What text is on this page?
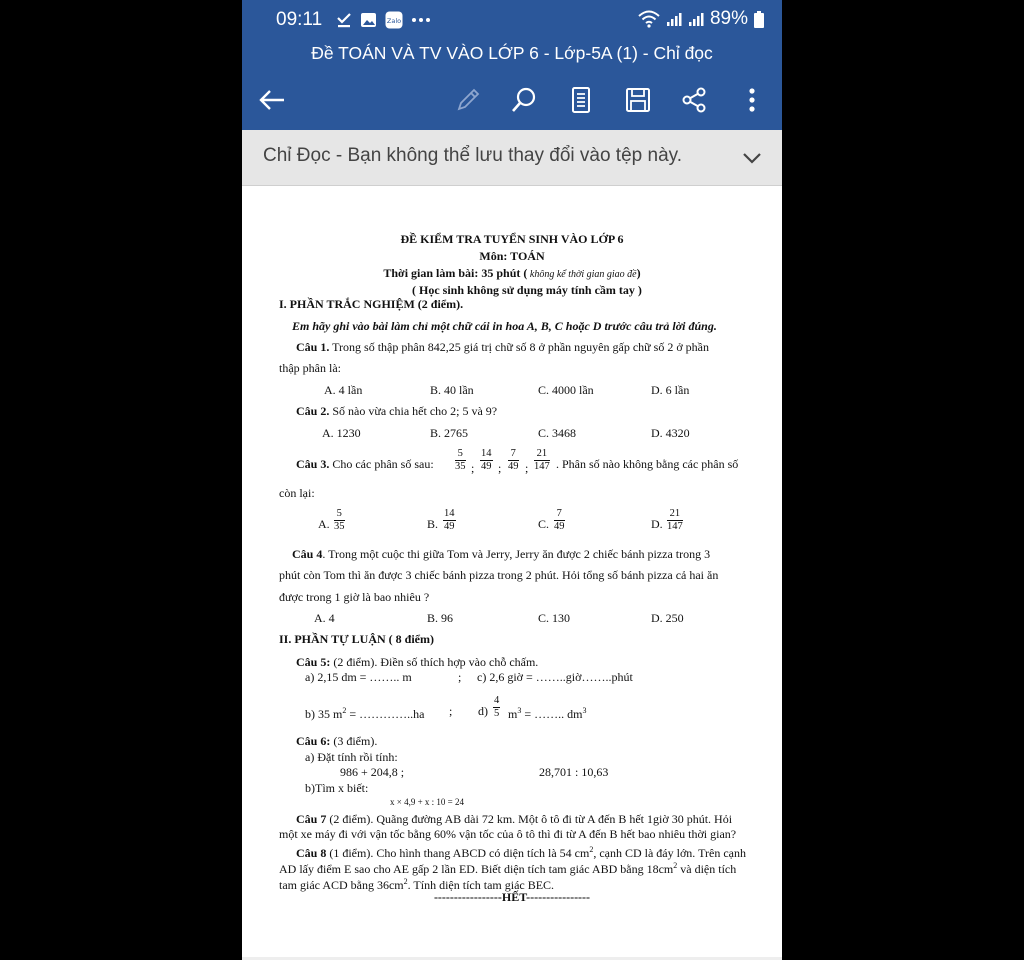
09:11	Zalo	89%
Đề TOÁN VÀ TV VÀO LỚP 6 - Lớp-5A (1) - Chỉ đọc
Chỉ Đọc - Bạn không thể lưu thay đổi vào tệp này.
ĐỀ KIỂM TRA TUYỂN SINH VÀO LỚP 6
Môn: TOÁN
Thời gian làm bài: 35 phút ( không kể thời gian giao đề)
( Học sinh không sử dụng máy tính cầm tay )
I. PHẦN TRẮC NGHIỆM (2 điểm).
Em hãy ghi vào bài làm chỉ một chữ cái in hoa A, B, C hoặc D trước câu trả lời đúng.
Câu 1. Trong số thập phân 842,25 giá trị chữ số 8 ở phần nguyên gấp chữ số 2 ở phần
thập phân là:
A. 4 lần	B. 40 lần	C. 4000 lần	D. 6 lần
Câu 2. Số nào vừa chia hết cho 2; 5 và 9?
A. 1230	B. 2765	C. 3468	D. 4320
Câu 3. Cho các phân số sau: $\frac{5}{35}$ ; $\frac{14}{49}$ ; $\frac{7}{49}$ ; $\frac{21}{147}$ . Phân số nào không bằng các phân số
còn lại:
A. $\frac{5}{35}$	B. $\frac{14}{49}$	C. $\frac{7}{49}$	D. $\frac{21}{147}$
Câu 4. Trong một cuộc thi giữa Tom và Jerry, Jerry ăn được 2 chiếc bánh pizza trong 3
phút còn Tom thì ăn được 3 chiếc bánh pizza trong 2 phút. Hỏi tổng số bánh pizza cả hai ăn
được trong 1 giờ là bao nhiêu ?
A. 4	B. 96	C. 130	D. 250
II. PHẦN TỰ LUẬN ( 8 điểm)
Câu 5: (2 điểm). Điền số thích hợp vào chỗ chấm.
a) 2,15 dm = …….. m	; c) 2,6 giờ = ……..giờ……..phút
b) 35 $m^2$ = …………..ha ; $d) \frac{4}{5} m^3$ = …….. $dm^3$
Câu 6: (3 điểm).
a) Đặt tính rồi tính:
986 + 204,8 ;	28,701 : 10,63
b)Tìm x biết:
x × 4,9 + x : 10 = 24
Câu 7 (2 điểm). Quãng đường AB dài 72 km. Một ô tô đi từ A đến B hết 1giờ 30 phút. Hỏi
một xe máy đi với vận tốc bằng 60% vận tốc của ô tô thì đi từ A đến B hết bao nhiêu thời gian?
Câu 8 (1 điểm). Cho hình thang ABCD có diện tích là 54 $cm^2$, cạnh CD là đáy lớn. Trên cạnh
AD lấy điểm E sao cho AE gấp 2 lần ED. Biết diện tích tam giác ABD bằng $18cm^2$ và diện tích
tam giác ACD bằng $36cm^2$. Tính diện tích tam giác BEC.
-----------------HẾT----------------
